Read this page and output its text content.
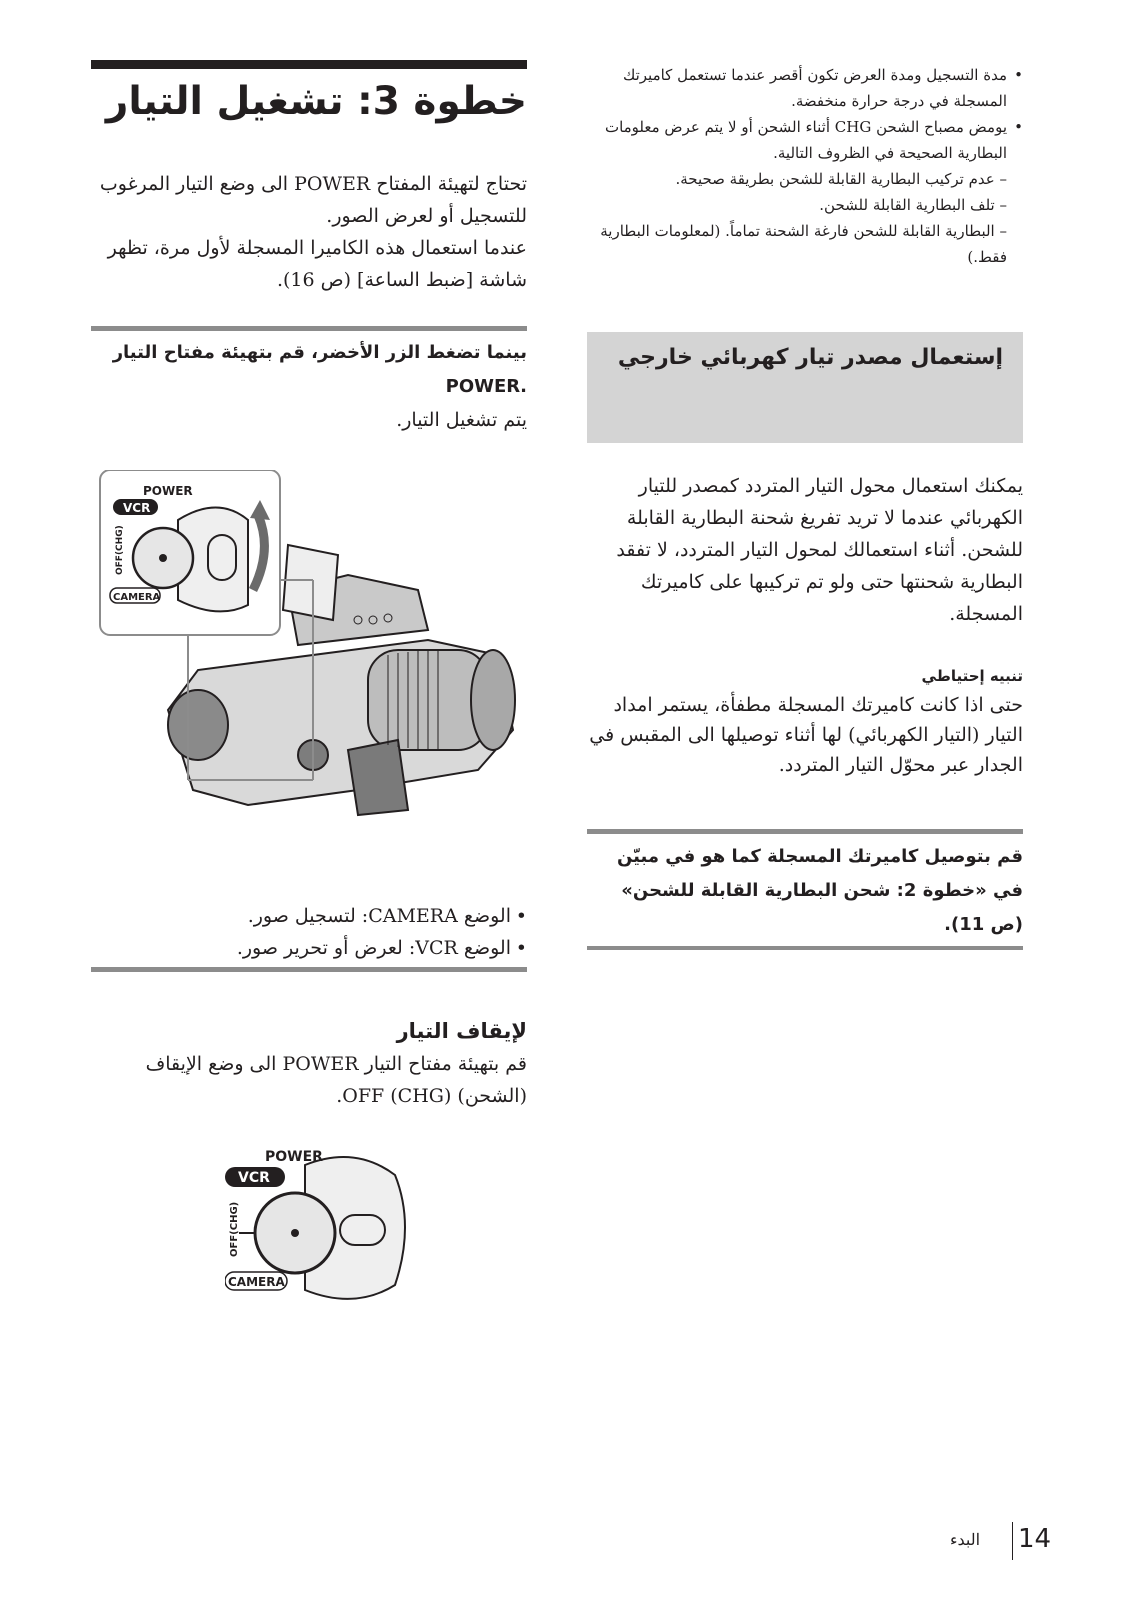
خطوة 3: تشغيل التيار

تحتاج لتهيئة المفتاح POWER الى وضع التيار المرغوب للتسجيل أو لعرض الصور.

عندما استعمال هذه الكاميرا المسجلة لأول مرة، تظهر شاشة [ضبط الساعة] (ص 16).

بينما تضغط الزر الأخضر، قم بتهيئة مفتاح التيار .POWER

يتم تشغيل التيار.

POWER
VCR
OFF(CHG)
CAMERA
• الوضع CAMERA: لتسجيل صور.
• الوضع VCR: لعرض أو تحرير صور.

لإيقاف التيار

قم بتهيئة مفتاح التيار POWER الى وضع الإيقاف (الشحن) OFF (CHG).

POWER
VCR
OFF(CHG)
CAMERA
• مدة التسجيل ومدة العرض تكون أقصر عندما تستعمل كاميرتك المسجلة في درجة حرارة منخفضة.
• يومض مصباح الشحن CHG أثناء الشحن أو لا يتم عرض معلومات البطارية الصحيحة في الظروف التالية.
– عدم تركيب البطارية القابلة للشحن بطريقة صحيحة.
– تلف البطارية القابلة للشحن.
– البطارية القابلة للشحن فارغة الشحنة تماماً. (لمعلومات البطارية فقط.)

إستعمال مصدر تيار كهربائي خارجي

يمكنك استعمال محول التيار المتردد كمصدر للتيار الكهربائي عندما لا تريد تفريغ شحنة البطارية القابلة للشحن. أثناء استعمالك لمحول التيار المتردد، لا تفقد البطارية شحنتها حتى ولو تم تركيبها على كاميرتك المسجلة.

تنبيه إحتياطي

حتى اذا كانت كاميرتك المسجلة مطفأة، يستمر امداد التيار (التيار الكهربائي) لها أثناء توصيلها الى المقبس في الجدار عبر محوّل التيار المتردد.

قم بتوصيل كاميرتك المسجلة كما هو في مبيّن في «خطوة 2: شحن البطارية القابلة للشحن» (ص 11).

البدء 14
